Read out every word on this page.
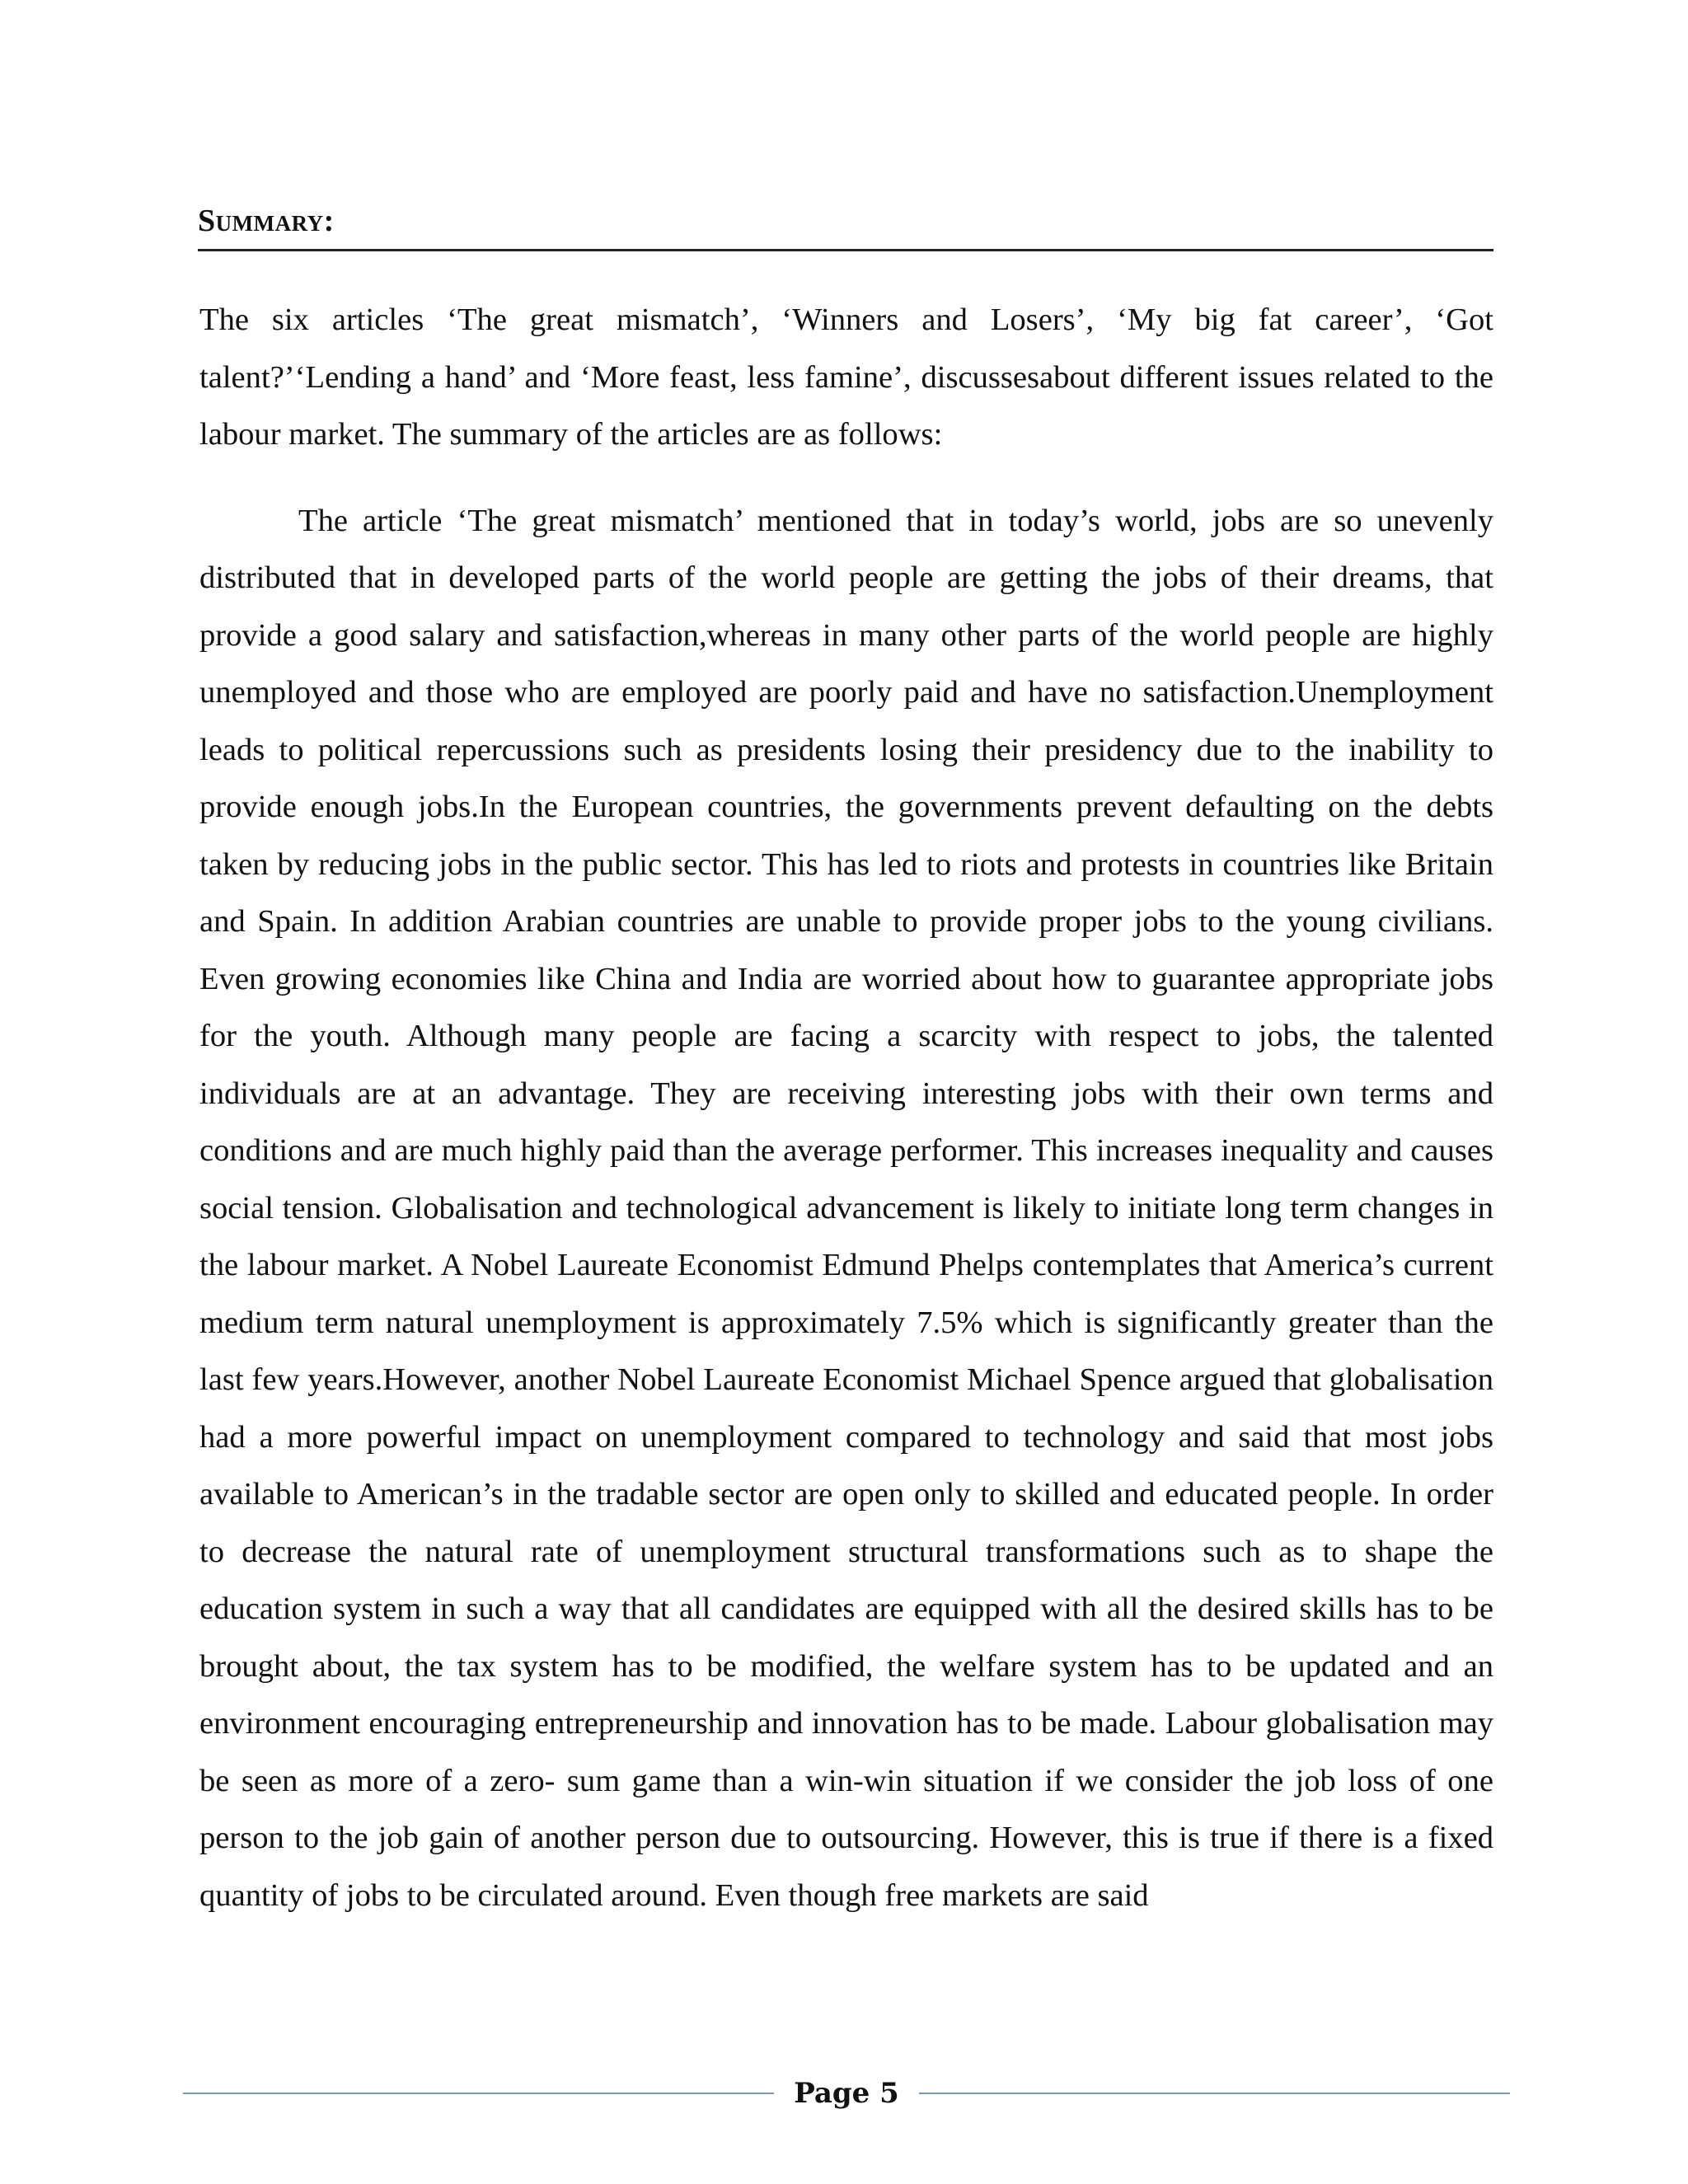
Summary:

The six articles ‘The great mismatch’, ‘Winners and Losers’, ‘My big fat career’, ‘Got talent?’‘Lending a hand’ and ‘More feast, less famine’, discussesabout different issues related to the labour market. The summary of the articles are as follows:

The article ‘The great mismatch’ mentioned that in today’s world, jobs are so unevenly distributed that in developed parts of the world people are getting the jobs of their dreams, that provide a good salary and satisfaction,whereas in many other parts of the world people are highly unemployed and those who are employed are poorly paid and have no satisfaction.Unemployment leads to political repercussions such as presidents losing their presidency due to the inability to provide enough jobs.In the European countries, the governments prevent defaulting on the debts taken by reducing jobs in the public sector. This has led to riots and protests in countries like Britain and Spain. In addition Arabian countries are unable to provide proper jobs to the young civilians. Even growing economies like China and India are worried about how to guarantee appropriate jobs for the youth. Although many people are facing a scarcity with respect to jobs, the talented individuals are at an advantage. They are receiving interesting jobs with their own terms and conditions and are much highly paid than the average performer. This increases inequality and causes social tension. Globalisation and technological advancement is likely to initiate long term changes in the labour market. A Nobel Laureate Economist Edmund Phelps contemplates that America’s current medium term natural unemployment is approximately 7.5% which is significantly greater than the last few years.However, another Nobel Laureate Economist Michael Spence argued that globalisation had a more powerful impact on unemployment compared to technology and said that most jobs available to American’s in the tradable sector are open only to skilled and educated people. In order to decrease the natural rate of unemployment structural transformations such as to shape the education system in such a way that all candidates are equipped with all the desired skills has to be brought about, the tax system has to be modified, the welfare system has to be updated and an environment encouraging entrepreneurship and innovation has to be made. Labour globalisation may be seen as more of a zero- sum game than a win-win situation if we consider the job loss of one person to the job gain of another person due to outsourcing. However, this is true if there is a fixed quantity of jobs to be circulated around. Even though free markets are said

Page 5
